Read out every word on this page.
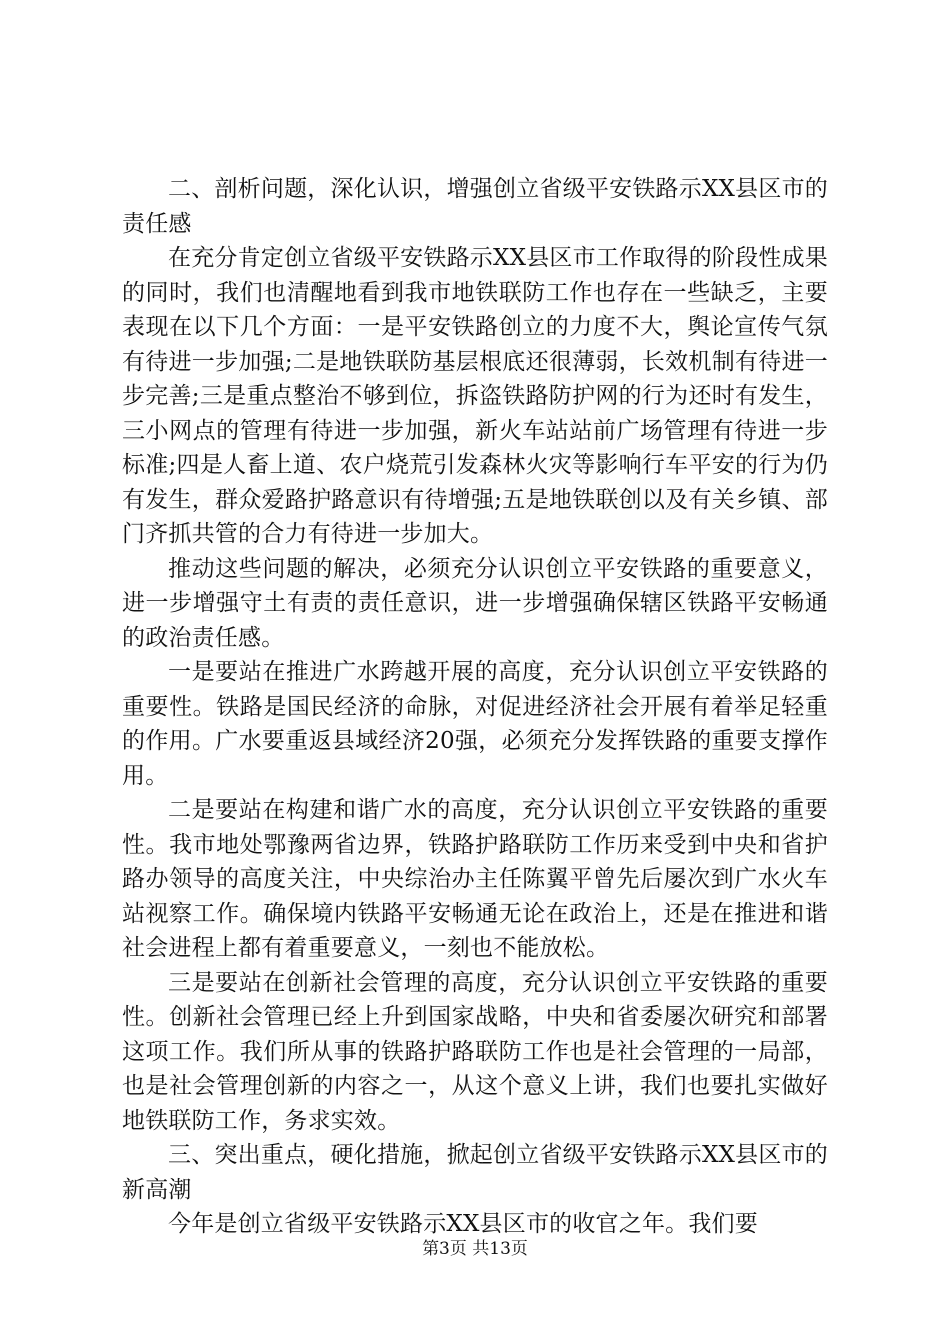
二、剖析问题，深化认识，增强创立省级平安铁路示XX县区市的责任感

在充分肯定创立省级平安铁路示XX县区市工作取得的阶段性成果的同时，我们也清醒地看到我市地铁联防工作也存在一些缺乏，主要表现在以下几个方面：一是平安铁路创立的力度不大，舆论宣传气氛有待进一步加强;二是地铁联防基层根底还很薄弱，长效机制有待进一步完善;三是重点整治不够到位，拆盗铁路防护网的行为还时有发生，三小网点的管理有待进一步加强，新火车站站前广场管理有待进一步标准;四是人畜上道、农户烧荒引发森林火灾等影响行车平安的行为仍有发生，群众爱路护路意识有待增强;五是地铁联创以及有关乡镇、部门齐抓共管的合力有待进一步加大。

推动这些问题的解决，必须充分认识创立平安铁路的重要意义，进一步增强守土有责的责任意识，进一步增强确保辖区铁路平安畅通的政治责任感。

一是要站在推进广水跨越开展的高度，充分认识创立平安铁路的重要性。铁路是国民经济的命脉，对促进经济社会开展有着举足轻重的作用。广水要重返县域经济20强，必须充分发挥铁路的重要支撑作用。

二是要站在构建和谐广水的高度，充分认识创立平安铁路的重要性。我市地处鄂豫两省边界，铁路护路联防工作历来受到中央和省护路办领导的高度关注，中央综治办主任陈翼平曾先后屡次到广水火车站视察工作。确保境内铁路平安畅通无论在政治上，还是在推进和谐社会进程上都有着重要意义，一刻也不能放松。

三是要站在创新社会管理的高度，充分认识创立平安铁路的重要性。创新社会管理已经上升到国家战略，中央和省委屡次研究和部署这项工作。我们所从事的铁路护路联防工作也是社会管理的一局部，也是社会管理创新的内容之一，从这个意义上讲，我们也要扎实做好地铁联防工作，务求实效。

三、突出重点，硬化措施，掀起创立省级平安铁路示XX县区市的新高潮

今年是创立省级平安铁路示XX县区市的收官之年。我们要

第3页 共13页
